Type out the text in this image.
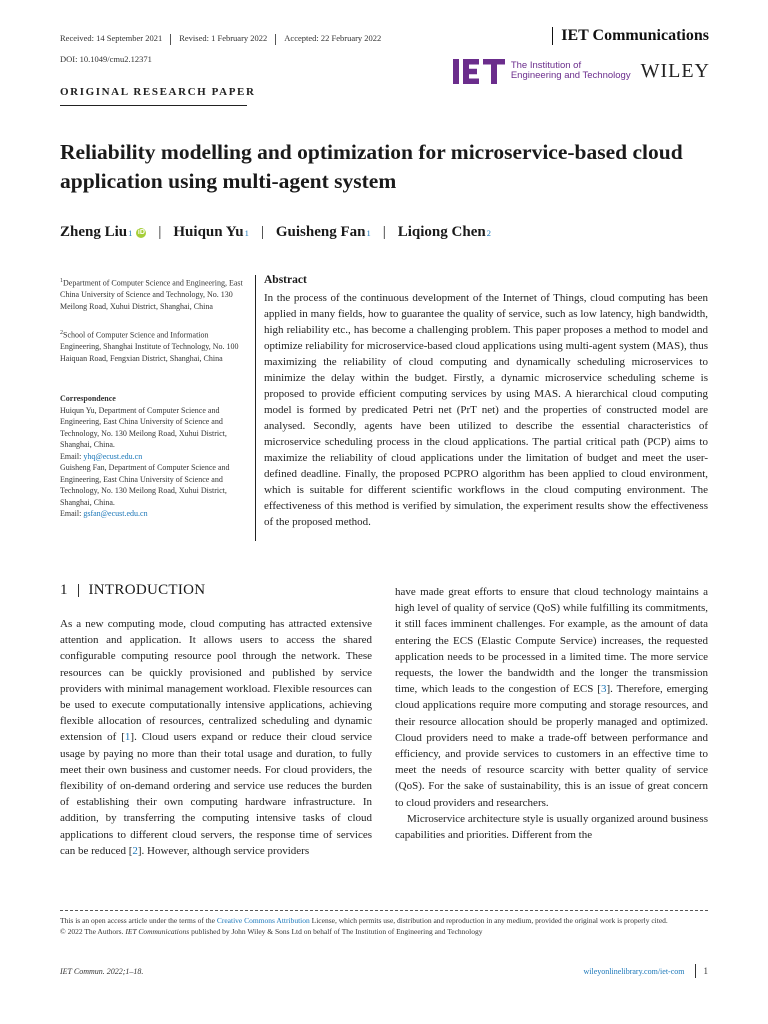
Received: 14 September 2021 Revised: 1 February 2022 Accepted: 22 February 2022
DOI: 10.1049/cmu2.12371
IET Communications
The Institution of
Engineering and Technology WILEY
ORIGINAL RESEARCH PAPER
Reliability modelling and optimization for microservice-based cloud application using multi-agent system
Zheng Liu 1 iD | Huiqun Yu 1 | Guisheng Fan 1 | Liqiong Chen 2
$^1$Department of Computer Science and Engineering, East China University of Science and Technology, No. 130 Meilong Road, Xuhui District, Shanghai, China
$^2$School of Computer Science and Information Engineering, Shanghai Institute of Technology, No. 100 Haiquan Road, Fengxian District, Shanghai, China
Correspondence
Huiqun Yu, Department of Computer Science and Engineering, East China University of Science and Technology, No. 130 Meilong Road, Xuhui District, Shanghai, China.
Email: yhq@ecust.edu.cn
Guisheng Fan, Department of Computer Science and Engineering, East China University of Science and Technology, No. 130 Meilong Road, Xuhui District, Shanghai, China.
Email: gsfan@ecust.edu.cn
Abstract
In the process of the continuous development of the Internet of Things, cloud computing has been applied in many fields, how to guarantee the quality of service, such as low latency, high bandwidth, high reliability etc., has become a challenging problem. This paper proposes a method to model and optimize reliability for microservice-based cloud applications using multi-agent system (MAS), thus maximizing the reliability of cloud computing and dynamically scheduling microservices to minimize the delay within the budget. Firstly, a dynamic microservice scheduling scheme is proposed to provide efficient computing services by using MAS. A hierarchical cloud computing model is formed by predicated Petri net (PrT net) and the properties of constructed model are analysed. Secondly, agents have been utilized to describe the essential characteristics of microservice scheduling process in the cloud applications. The partial critical path (PCP) aims to maximize the reliability of cloud applications under the limitation of budget and meet the user-defined deadline. Finally, the proposed PCPRO algorithm has been applied to cloud environment, which is suitable for different scientific workflows in the cloud computing environment. The effectiveness of this method is verified by simulation, the experiment results show the effectiveness of the proposed method.
1 INTRODUCTION

As a new computing mode, cloud computing has attracted extensive attention and application. It allows users to access the shared configurable computing resource pool through the network. These resources can be quickly provisioned and published by service providers with minimal management workload. Flexible resources can be used to execute computationally intensive applications, achieving flexible allocation of resources, centralized scheduling and dynamic extension of [1]. Cloud users expand or reduce their cloud service usage by paying no more than their total usage and duration, to fully meet their own business and customer needs. For cloud providers, the flexibility of on-demand ordering and service use reduces the burden of establishing their own computing hardware infrastructure. In addition, by transferring the computing intensive tasks of cloud applications to different cloud servers, the response time of services can be reduced [2]. However, although service providers

have made great efforts to ensure that cloud technology maintains a high level of quality of service (QoS) while fulfilling its commitments, it still faces imminent challenges. For example, as the amount of data entering the ECS (Elastic Compute Service) increases, the requested application needs to be processed in a limited time. The more service requests, the lower the bandwidth and the longer the transmission time, which leads to the congestion of ECS [3]. Therefore, emerging cloud applications require more computing and storage resources, and their resource allocation should be properly managed and optimized. Cloud providers need to make a trade-off between performance and efficiency, and provide services to customers in an effective time to meet the needs of resource scarcity with better quality of service (QoS). For the sake of sustainability, this is an issue of great concern to cloud providers and researchers.

Microservice architecture style is usually organized around business capabilities and priorities. Different from the

This is an open access article under the terms of the Creative Commons Attribution License, which permits use, distribution and reproduction in any medium, provided the original work is properly cited.
© 2022 The Authors. IET Communications published by John Wiley & Sons Ltd on behalf of The Institution of Engineering and Technology
IET Commun. 2022;1–18.	wileyonlinelibrary.com/iet-com 1
